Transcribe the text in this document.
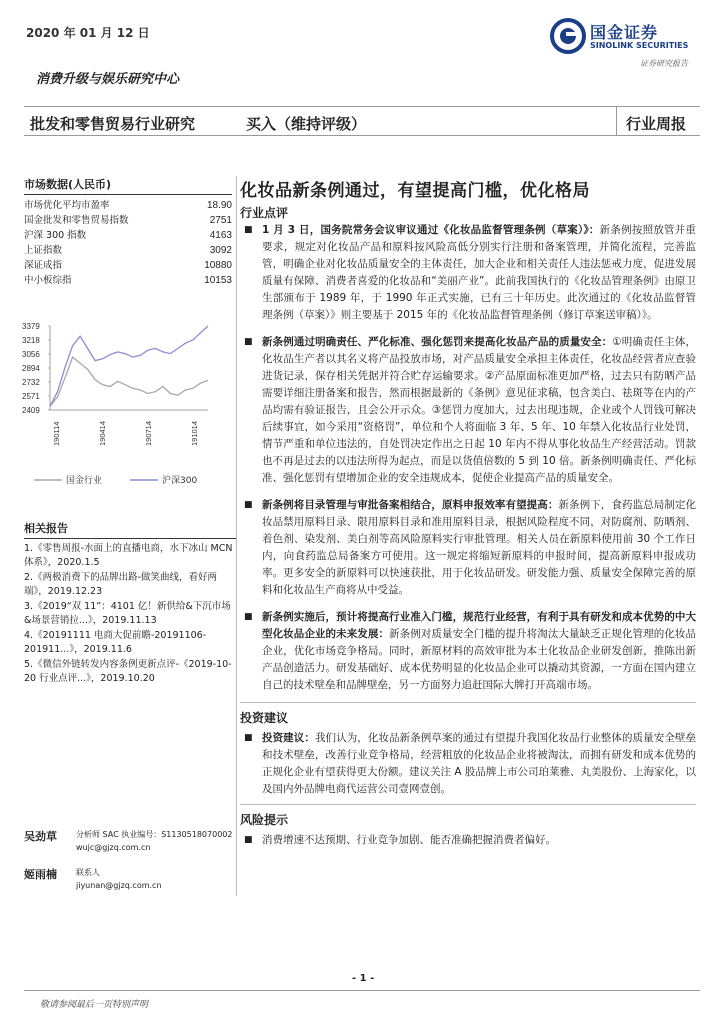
2020 年 01 月 12 日	国金证券
SINOLINK SECURITIES
证券研究报告
消费升级与娱乐研究中心
批发和零售贸易行业研究	买入（维持评级）	行业周报
市场数据(人民币)
市场优化平均市盈率	18.90
国金批发和零售贸易指数	2751
沪深 300 指数	4163
上证指数	3092
深证成指	10880
中小板综指	10153
3379
3218
3056
2894
2732
2571
2409
190114	190414	190714	191014
国金行业	沪深300
相关报告
1.《零售周报-水面上的直播电商，水下冰山 MCN 体系》，2020.1.5
2.《两极消费下的品牌出路-做笑曲线，看好两端》，2019.12.23
3.《2019“双 11”：4101 亿！新供给&下沉市场&场景营销拉...》，2019.11.13
4.《20191111 电商大促前瞻-20191106-201911...》，2019.11.6
5.《微信外链转发内容条例更新点评-《2019-10-20 行业点评...》，2019.10.20
吴劲草 分析师 SAC 执业编号：S1130518070002
wujc@gjzq.com.cn
姬雨楠 联系人
jiyunan@gjzq.com.cn
化妆品新条例通过，有望提高门槛，优化格局
行业点评
■ 1 月 3 日，国务院常务会议审议通过《化妆品监督管理条例（草案）》：新条例按照放管并重要求，规定对化妆品产品和原料按风险高低分别实行注册和备案管理，并简化流程，完善监管，明确企业对化妆品质量安全的主体责任，加大企业和相关责任人违法惩戒力度，促进发展质量有保障、消费者喜爱的化妆品和“美丽产业”。此前我国执行的《化妆品管理条例》由原卫生部颁布于 1989 年，于 1990 年正式实施，已有三十年历史。此次通过的《化妆品监督管理条例（草案）》则主要基于 2015 年的《化妆品监督管理条例（修订草案送审稿）》。
■ 新条例通过明确责任、严化标准、强化惩罚来提高化妆品产品的质量安全：①明确责任主体，化妆品生产者以其名义将产品投放市场，对产品质量安全承担主体责任，化妆品经营者应查验进货记录，保存相关凭据并符合贮存运输要求。②产品原面标准更加严格，过去只有防晒产品需要详细注册备案和报告，然而根据最新的《条例》意见征求稿，包含美白、祛斑等在内的产品均需有验证报告，且会公开示众。③惩罚力度加大，过去出现违规，企业或个人罚钱可解决后续事宜，如今采用“资格罚”，单位和个人将面临 3 年、5 年、10 年禁入化妆品行业处罚，情节严重和单位违法的，自处罚决定作出之日起 10 年内不得从事化妆品生产经营活动。罚款也不再是过去的以违法所得为起点，而是以货值倍数的 5 到 10 倍。新条例明确责任、严化标准、强化惩罚有望增加企业的安全违规成本，促使企业提高产品的质量安全。
■ 新条例将目录管理与审批备案相结合，原料申报效率有望提高：新条例下，食药监总局制定化妆品禁用原料目录、限用原料目录和准用原料目录，根据风险程度不同，对防腐剂、防晒剂、着色剂、染发剂、美白剂等高风险原料实行审批管理。相关人员在新原料使用前 30 个工作日内，向食药监总局备案方可使用。这一规定将缩短新原料的申报时间，提高新原料申报成功率。更多安全的新原料可以快速获批，用于化妆品研发。研发能力强、质量安全保障完善的原料和化妆品生产商将从中受益。
■ 新条例实施后，预计将提高行业准入门槛，规范行业经营，有利于具有研发和成本优势的中大型化妆品企业的未来发展：新条例对质量安全门槛的提升将淘汰大量缺乏正规化管理的化妆品企业，优化市场竞争格局。同时，新原材料的高效审批为本土化妆品企业研发创新，推陈出新产品创造活力。研发基础好、成本优势明显的化妆品企业可以撬动其资源，一方面在国内建立自己的技术壁垒和品牌壁垒，另一方面努力追赶国际大牌打开高端市场。
投资建议
■ 投资建议：我们认为，化妆品新条例草案的通过有望提升我国化妆品行业整体的质量安全壁垒和技术壁垒，改善行业竞争格局，经营粗放的化妆品企业将被淘汰，而拥有研发和成本优势的正规化企业有望获得更大份额。建议关注 A 股品牌上市公司珀莱雅、丸美股份、上海家化，以及国内外品牌电商代运营公司壹网壹创。
风险提示
■ 消费增速不达预期、行业竞争加剧、能否准确把握消费者偏好。
- 1 -
敬请参阅最后一页特别声明
